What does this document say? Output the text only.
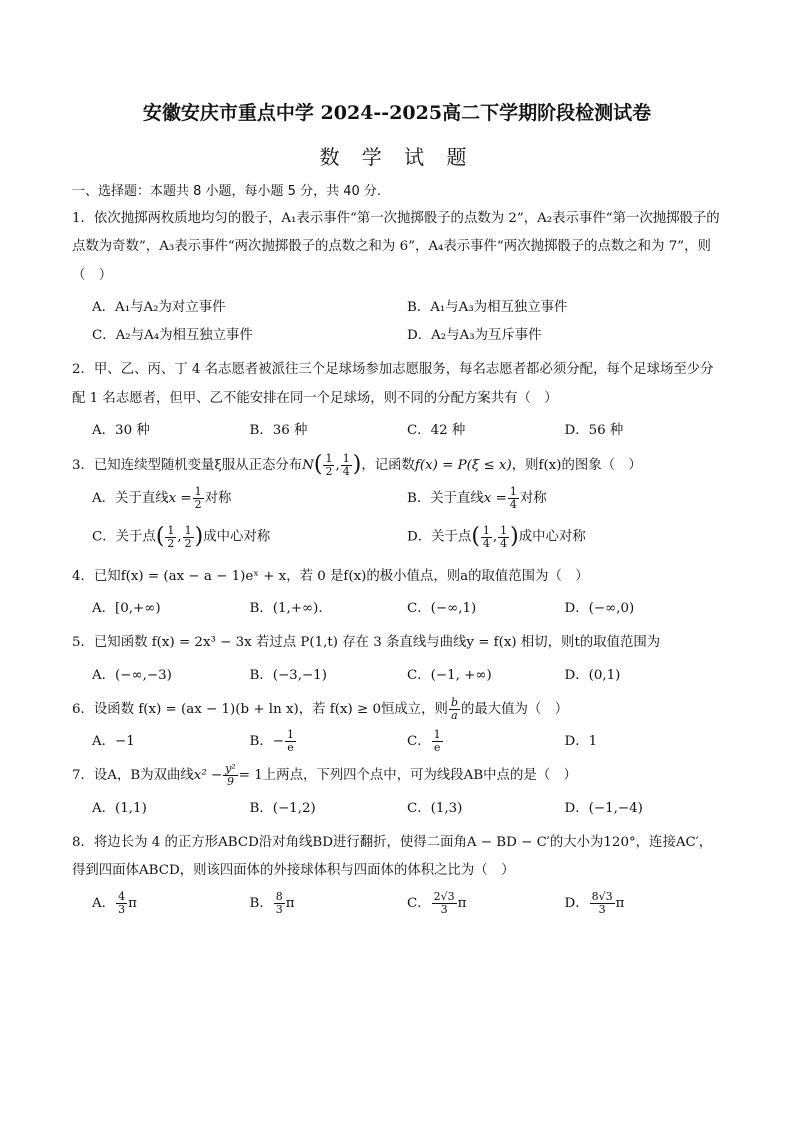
安徽安庆市重点中学 2024--2025高二下学期阶段检测试卷
数 学 试 题
一、选择题：本题共 8 小题，每小题 5 分，共 40 分.

1．依次抛掷两枚质地均匀的骰子，A₁表示事件“第一次抛掷骰子的点数为 2”，A₂表示事件“第一次抛掷骰子的点数为奇数”，A₃表示事件“两次抛掷骰子的点数之和为 6”，A₄表示事件“两次抛掷骰子的点数之和为 7”，则（　）

A．A₁与A₂为对立事件	B．A₁与A₃为相互独立事件
C．A₂与A₄为相互独立事件	D．A₂与A₃为互斥事件

2．甲、乙、丙、丁 4 名志愿者被派往三个足球场参加志愿服务，每名志愿者都必须分配，每个足球场至少分配 1 名志愿者，但甲、乙不能安排在同一个足球场，则不同的分配方案共有（　）

A．30 种	B．36 种	C．42 种	D．56 种

3．已知连续型随机变量ξ服从正态分布$N( \frac{1}{2}$ , $\frac{1}{4}$ )，记函数f(x) = P(ξ ≤ x)，则f(x)的图象（　）

A．关于直线$x = \frac{1}{2}$ 对称	B．关于直线$x = \frac{1}{4}$ 对称
C．关于点( $\frac{1}{2}$ , $\frac{1}{2}$ )成中心对称	D．关于点( $\frac{1}{4}$ , $\frac{1}{4}$ )成中心对称

4．已知f(x) = (ax − a − 1)eˣ + x，若 0 是f(x)的极小值点，则a的取值范围为（　）

A．[0,+∞)	B．(1,+∞).	C．(−∞,1)	D．(−∞,0)

5．已知函数 f(x) = 2x³ − 3x 若过点 P(1,t) 存在 3 条直线与曲线y = f(x) 相切，则t的取值范围为

A．(−∞,−3)	B．(−3,−1)	C．(−1, +∞)	D．(0,1)

6．设函数 f(x) = (ax − 1)(b + ln x)，若 f(x) ≥ 0恒成立，则 $\frac{b}{a}$ 的最大值为（　）

A．−1	B．− $\frac{1}{e}$	C． $\frac{1}{e}$	D．1

7．设A，B为双曲线$x^2 - \frac{\text{y²}}{9} = 1$上两点，下列四个点中，可为线段AB中点的是（　）

A．(1,1)	B．(−1,2)	C．(1,3)	D．(−1,−4)

8．将边长为 4 的正方形ABCD沿对角线BD进行翻折，使得二面角A − BD − C′的大小为120°，连接AC′，得到四面体ABCD，则该四面体的外接球体积与四面体的体积之比为（　）

A． $\frac{4}{3}$ π	B． $\frac{8}{3}$ π	C． $\frac{2√3}{3}$ π	D． $\frac{8√3}{3}$ π
